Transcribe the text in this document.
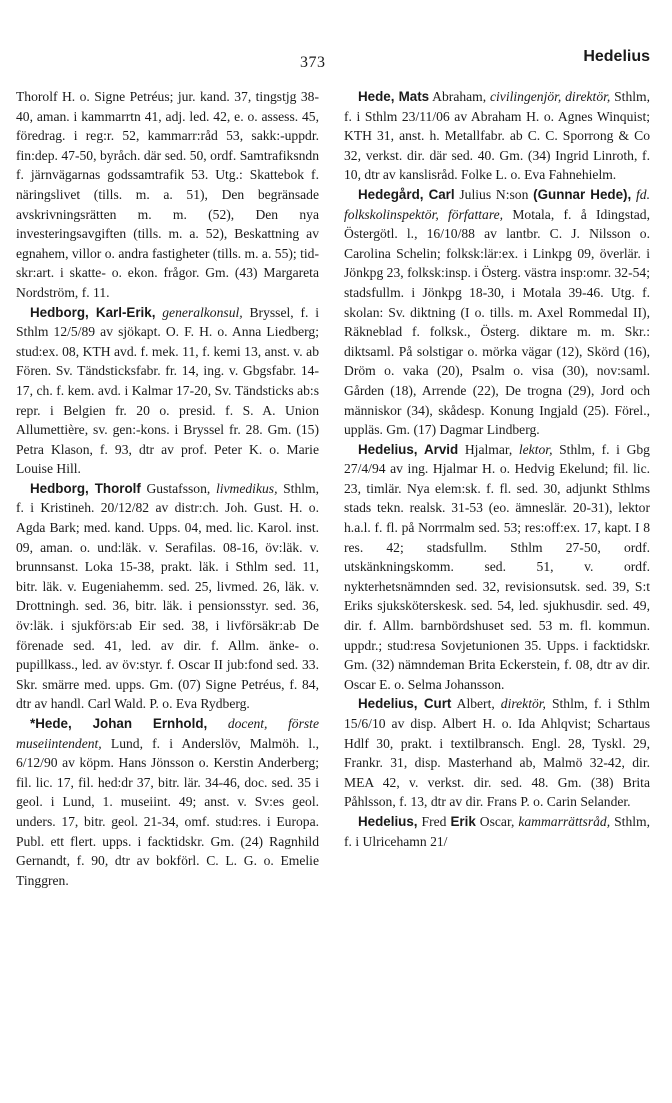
373	Hedelius

Thorolf H. o. Signe Petréus; jur. kand. 37, tingstjg 38-40, aman. i kammarrtn 41, adj. led. 42, e. o. assess. 45, föredrag. i reg:r. 52, kammarr:råd 53, sakk:-uppdr. fin:dep. 47-50, byråch. där sed. 50, ordf. Samtrafiksndn f. järnvägarnas godssamtrafik 53. Utg.: Skattebok f. näringslivet (tills. m. a. 51), Den begränsade avskrivningsrätten m. m. (52), Den nya investeringsavgiften (tills. m. a. 52), Beskattning av egnahem, villor o. andra fastigheter (tills. m. a. 55); tid-skr:art. i skatte- o. ekon. frågor. Gm. (43) Margareta Nordström, f. 11.

Hedborg, Karl-Erik, generalkonsul, Bryssel, f. i Sthlm 12/5/89 av sjökapt. O. F. H. o. Anna Liedberg; stud:ex. 08, KTH avd. f. mek. 11, f. kemi 13, anst. v. ab Fören. Sv. Tändsticksfabr. fr. 14, ing. v. Gbgsfabr. 14-17, ch. f. kem. avd. i Kalmar 17-20, Sv. Tändsticks ab:s repr. i Belgien fr. 20 o. presid. f. S. A. Union Allumettière, sv. gen:-kons. i Bryssel fr. 28. Gm. (15) Petra Klason, f. 93, dtr av prof. Peter K. o. Marie Louise Hill.

Hedborg, Thorolf Gustafsson, livmedikus, Sthlm, f. i Kristineh. 20/12/82 av distr:ch. Joh. Gust. H. o. Agda Bark; med. kand. Upps. 04, med. lic. Karol. inst. 09, aman. o. und:läk. v. Serafilas. 08-16, öv:läk. v. brunnsanst. Loka 15-38, prakt. läk. i Sthlm sed. 11, bitr. läk. v. Eugeniahemm. sed. 25, livmed. 26, läk. v. Drottningh. sed. 36, bitr. läk. i pensionsstyr. sed. 36, öv:läk. i sjukförs:ab Eir sed. 38, i livförsäkr:ab De förenade sed. 41, led. av dir. f. Allm. änke- o. pupillkass., led. av öv:styr. f. Oscar II jub:fond sed. 33. Skr. smärre med. upps. Gm. (07) Signe Petréus, f. 84, dtr av handl. Carl Wald. P. o. Eva Rydberg.

*Hede, Johan Ernhold, docent, förste museiintendent, Lund, f. i Anderslöv, Malmöh. l., 6/12/90 av köpm. Hans Jönsson o. Kerstin Anderberg; fil. lic. 17, fil. hed:dr 37, bitr. lär. 34-46, doc. sed. 35 i geol. i Lund, 1. museiint. 49; anst. v. Sv:es geol. unders. 17, bitr. geol. 21-34, omf. stud:res. i Europa. Publ. ett flert. upps. i facktidskr. Gm. (24) Ragnhild Gernandt, f. 90, dtr av bokförl. C. L. G. o. Emelie Tinggren.

Hede, Mats Abraham, civilingenjör, direktör, Sthlm, f. i Sthlm 23/11/06 av Abraham H. o. Agnes Winquist; KTH 31, anst. h. Metallfabr. ab C. C. Sporrong & Co 32, verkst. dir. där sed. 40. Gm. (34) Ingrid Linroth, f. 10, dtr av kanslisråd. Folke L. o. Eva Fahnehielm.

Hedegård, Carl Julius N:son (Gunnar Hede), fd. folkskolinspektör, författare, Motala, f. å Idingstad, Östergötl. l., 16/10/88 av lantbr. C. J. Nilsson o. Carolina Schelin; folksk:lär:ex. i Linkpg 09, överlär. i Jönkpg 23, folksk:insp. i Österg. västra insp:omr. 32-54; stadsfullm. i Jönkpg 18-30, i Motala 39-46. Utg. f. skolan: Sv. diktning (I o. tills. m. Axel Rommedal II), Räkneblad f. folksk., Österg. diktare m. m. Skr.: diktsaml. På solstigar o. mörka vägar (12), Skörd (16), Dröm o. vaka (20), Psalm o. visa (30), nov:saml. Gården (18), Arrende (22), De trogna (29), Jord och människor (34), skådesp. Konung Ingjald (25). Förel., uppläs. Gm. (17) Dagmar Lindberg.

Hedelius, Arvid Hjalmar, lektor, Sthlm, f. i Gbg 27/4/94 av ing. Hjalmar H. o. Hedvig Ekelund; fil. lic. 23, timlär. Nya elem:sk. f. fl. sed. 30, adjunkt Sthlms stads tekn. realsk. 31-53 (eo. ämneslär. 20-31), lektor h.a.l. f. fl. på Norrmalm sed. 53; res:off:ex. 17, kapt. I 8 res. 42; stadsfullm. Sthlm 27-50, ordf. utskänkningskomm. sed. 51, v. ordf. nykterhetsnämnden sed. 32, revisionsutsk. sed. 39, S:t Eriks sjuksköterskesk. sed. 54, led. sjukhusdir. sed. 49, dir. f. Allm. barnbördshuset sed. 53 m. fl. kommun. uppdr.; stud:resa Sovjetunionen 35. Upps. i facktidskr. Gm. (32) nämndeman Brita Eckerstein, f. 08, dtr av dir. Oscar E. o. Selma Johansson.

Hedelius, Curt Albert, direktör, Sthlm, f. i Sthlm 15/6/10 av disp. Albert H. o. Ida Ahlqvist; Schartaus Hdlf 30, prakt. i textilbransch. Engl. 28, Tyskl. 29, Frankr. 31, disp. Masterhand ab, Malmö 32-42, dir. MEA 42, v. verkst. dir. sed. 48. Gm. (38) Brita Påhlsson, f. 13, dtr av dir. Frans P. o. Carin Selander.

Hedelius, Fred Erik Oscar, kammarrättsråd, Sthlm, f. i Ulricehamn 21/
